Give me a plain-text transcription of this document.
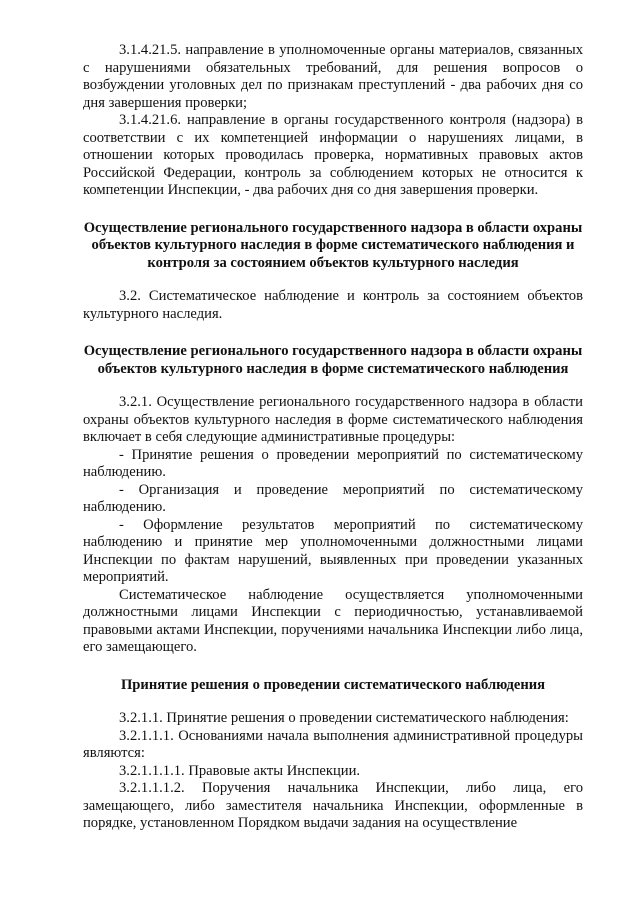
3.1.4.21.5. направление в уполномоченные органы материалов, связанных с нарушениями обязательных требований, для решения вопросов о возбуждении уголовных дел по признакам преступлений - два рабочих дня со дня завершения проверки;

3.1.4.21.6. направление в органы государственного контроля (надзора) в соответствии с их компетенцией информации о нарушениях лицами, в отношении которых проводилась проверка, нормативных правовых актов Российской Федерации, контроль за соблюдением которых не относится к компетенции Инспекции, - два рабочих дня со дня завершения проверки.

Осуществление регионального государственного надзора в области охраны объектов культурного наследия в форме систематического наблюдения и контроля за состоянием объектов культурного наследия

3.2. Систематическое наблюдение и контроль за состоянием объектов культурного наследия.

Осуществление регионального государственного надзора в области охраны объектов культурного наследия в форме систематического наблюдения

3.2.1. Осуществление регионального государственного надзора в области охраны объектов культурного наследия в форме систематического наблюдения включает в себя следующие административные процедуры:

- Принятие решения о проведении мероприятий по систематическому наблюдению.

- Организация и проведение мероприятий по систематическому наблюдению.

- Оформление результатов мероприятий по систематическому наблюдению и принятие мер уполномоченными должностными лицами Инспекции по фактам нарушений, выявленных при проведении указанных мероприятий.

Систематическое наблюдение осуществляется уполномоченными должностными лицами Инспекции с периодичностью, устанавливаемой правовыми актами Инспекции, поручениями начальника Инспекции либо лица, его замещающего.

Принятие решения о проведении систематического наблюдения

3.2.1.1. Принятие решения о проведении систематического наблюдения:

3.2.1.1.1. Основаниями начала выполнения административной процедуры являются:

3.2.1.1.1.1. Правовые акты Инспекции.

3.2.1.1.1.2. Поручения начальника Инспекции, либо лица, его замещающего, либо заместителя начальника Инспекции, оформленные в порядке, установленном Порядком выдачи задания на осуществление
